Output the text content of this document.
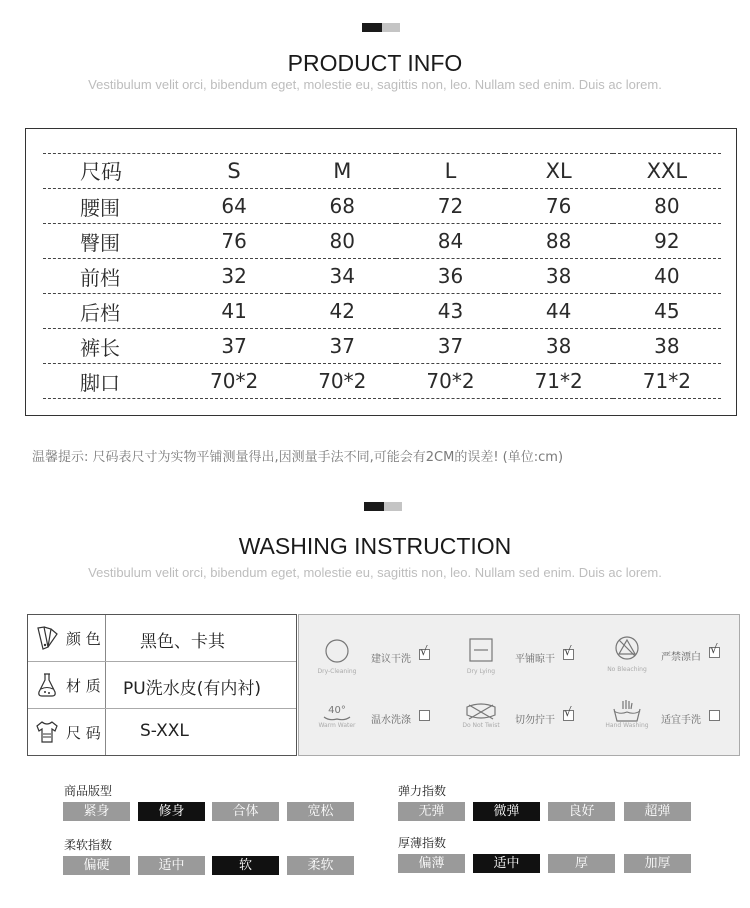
PRODUCT INFO
Vestibulum velit orci, bibendum eget, molestie eu, sagittis non, leo. Nullam sed enim. Duis ac lorem.
尺码	S	M	L	XL	XXL
腰围	64	68	72	76	80
臀围	76	80	84	88	92
前档	32	34	36	38	40
后档	41	42	43	44	45
裤长	37	37	37	38	38
脚口	70*2	70*2	70*2	71*2	71*2
温馨提示: 尺码表尺寸为实物平铺测量得出,因测量手法不同,可能会有2CM的误差! (单位:cm)
WASHING INSTRUCTION
Vestibulum velit orci, bibendum eget, molestie eu, sagittis non, leo. Nullam sed enim. Duis ac lorem.
颜 色 黑色、卡其
材 质 PU洗水皮(有内衬)
尺 码 S-XXL
Dry-Cleaning
建议干洗
√
Dry Lying
平铺晾干
√
No Bleaching
严禁漂白
√
40°
Warm Water	温水洗涤	Do Not Twist	切勿拧干
√
Hand Washing	适宜手洗
商品版型
紧身	修身	合体	宽松
弹力指数
无弹	微弹	良好	超弹
柔软指数
偏硬	适中	软	柔软
厚薄指数
偏薄	适中	厚	加厚
